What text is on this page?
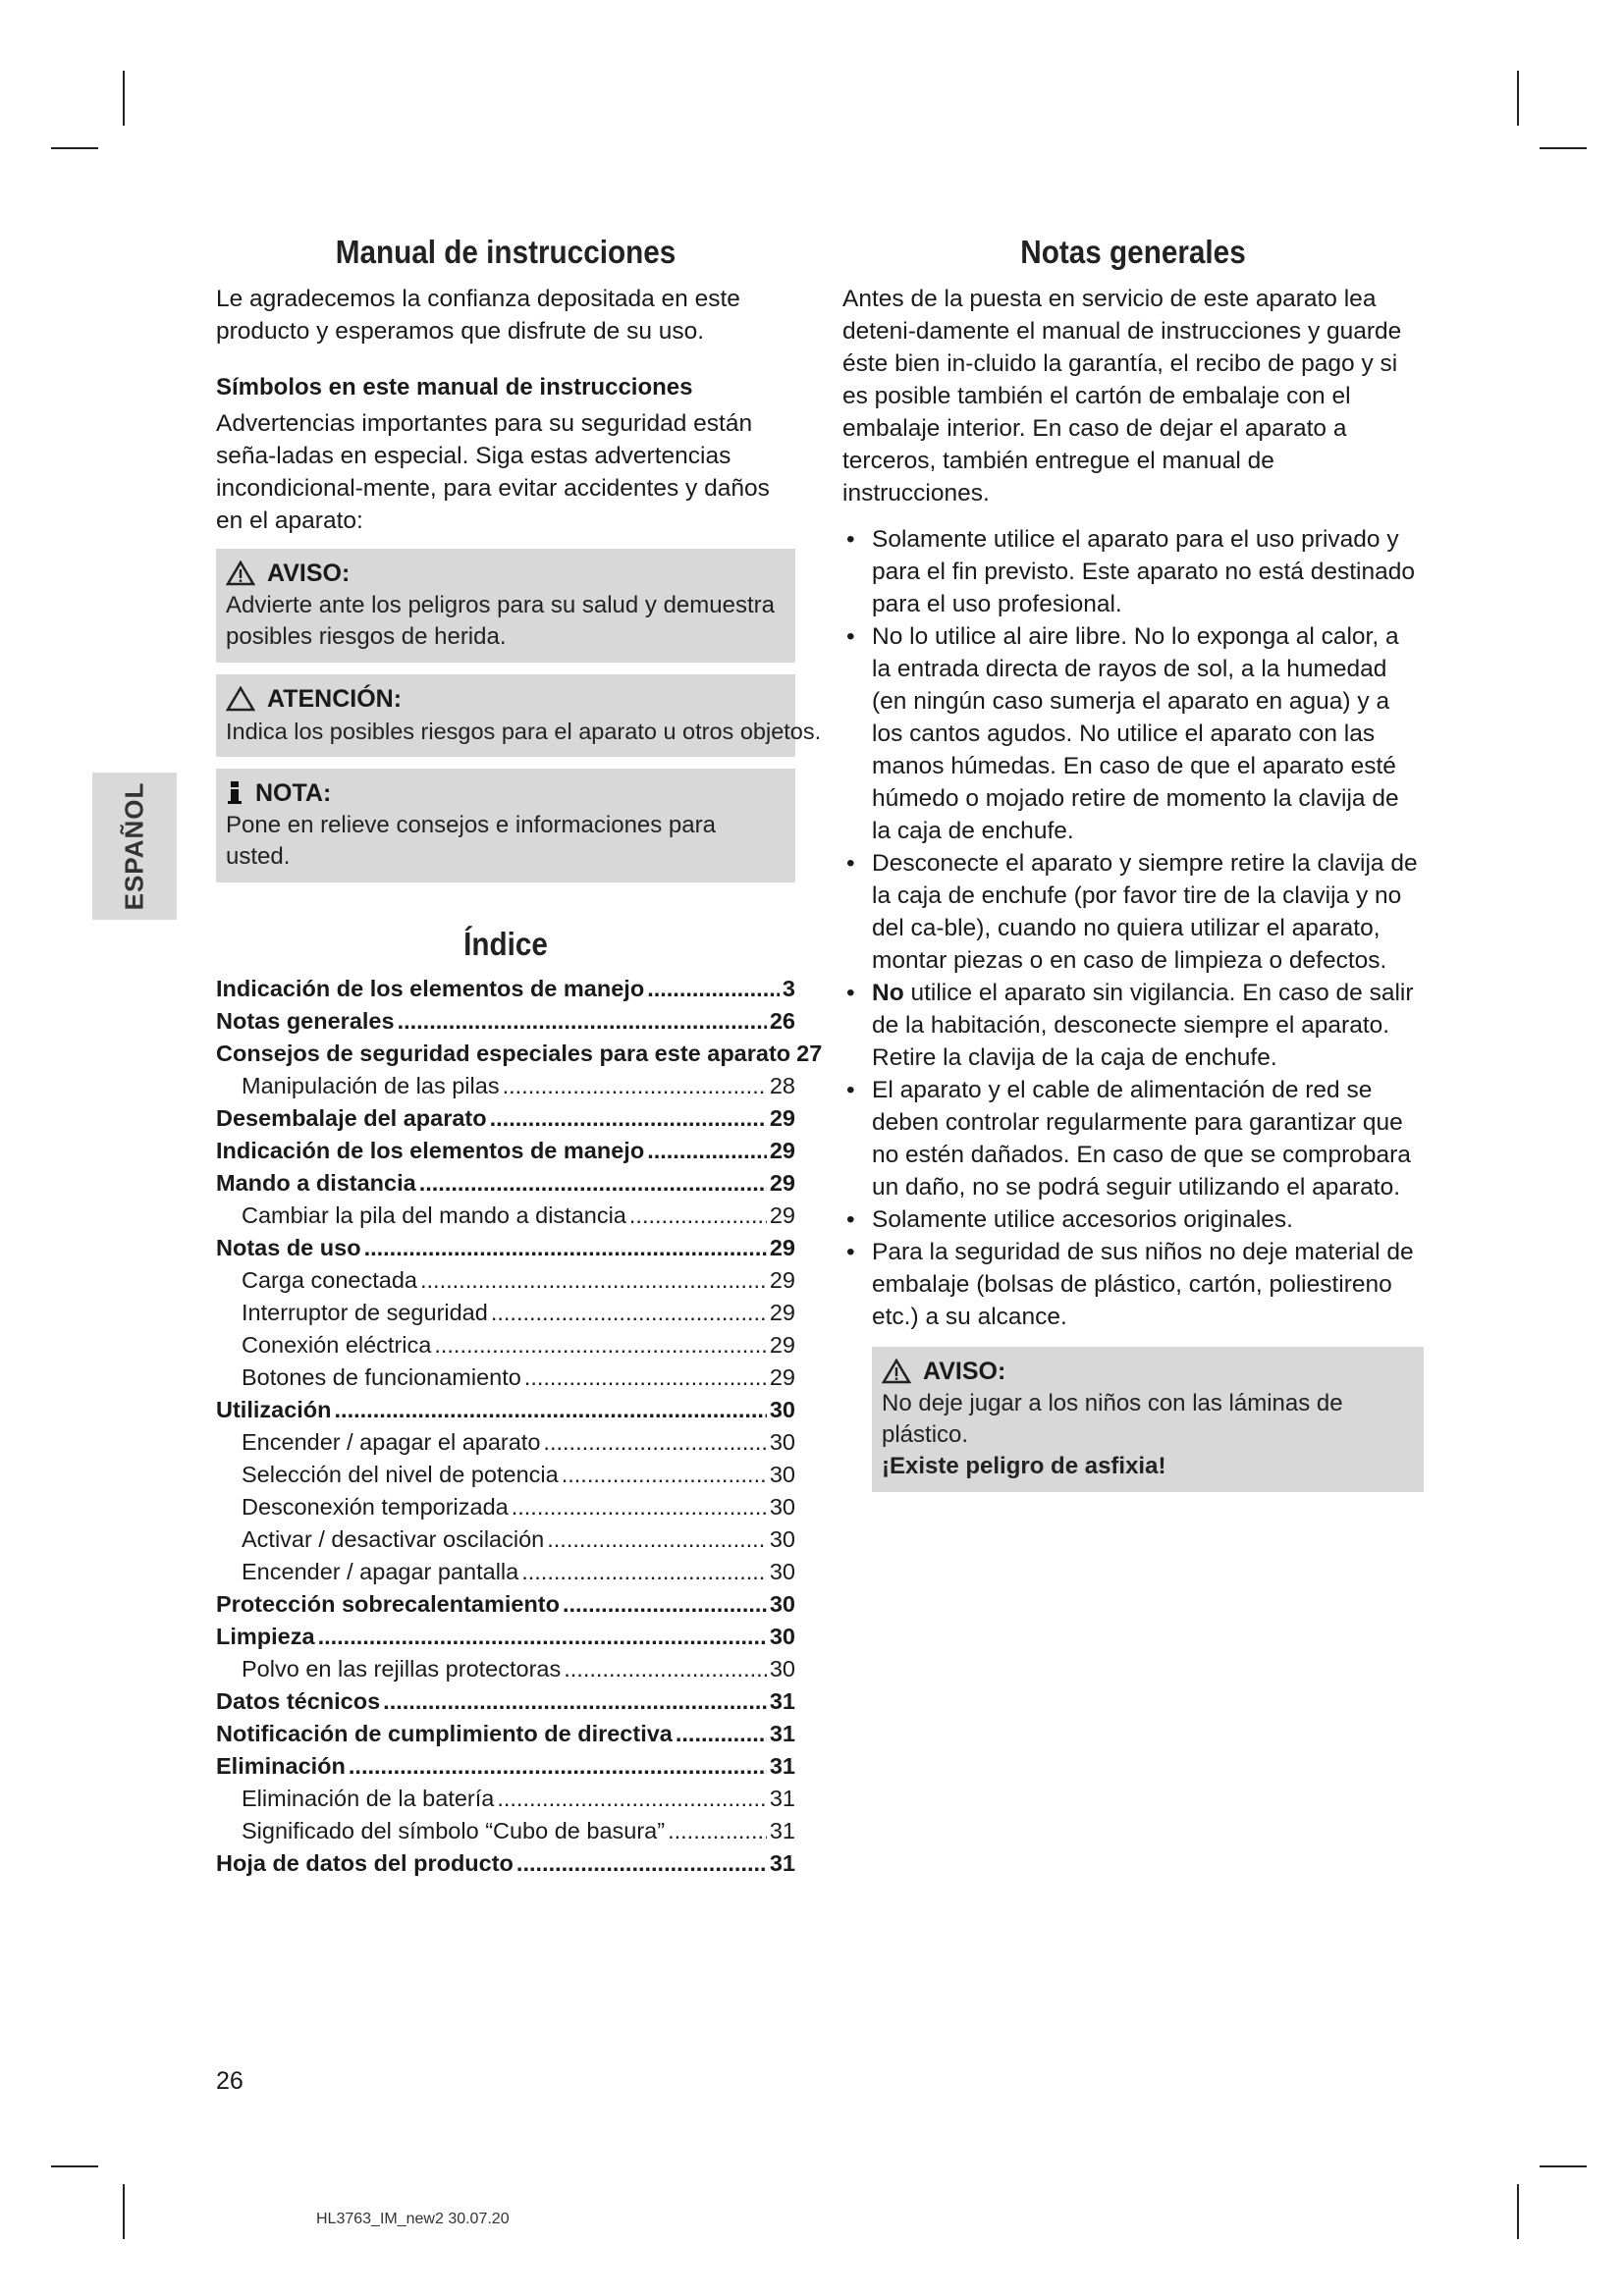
ESPAÑOL
Manual de instrucciones

Le agradecemos la confianza depositada en este producto y esperamos que disfrute de su uso.

Símbolos en este manual de instrucciones

Advertencias importantes para su seguridad están seña-ladas en especial. Siga estas advertencias incondicional-mente, para evitar accidentes y daños en el aparato:

AVISO:

Advierte ante los peligros para su salud y demuestra posibles riesgos de herida.

ATENCIÓN:

Indica los posibles riesgos para el aparato u otros objetos.

NOTA:

Pone en relieve consejos e informaciones para usted.

Índice
Indicación de los elementos de manejo .....	3
Notas generales .....	26
Consejos de seguridad especiales para este aparato 27
Manipulación de las pilas .....	28
Desembalaje del aparato .....	29
Indicación de los elementos de manejo .....	29
Mando a distancia .....	29
Cambiar la pila del mando a distancia .....	29
Notas de uso .....	29
Carga conectada .....	29
Interruptor de seguridad .....	29
Conexión eléctrica .....	29
Botones de funcionamiento .....	29
Utilización .....	30
Encender / apagar el aparato .....	30
Selección del nivel de potencia .....	30
Desconexión temporizada .....	30
Activar / desactivar oscilación .....	30
Encender / apagar pantalla .....	30
Protección sobrecalentamiento .....	30
Limpieza .....	30
Polvo en las rejillas protectoras .....	30
Datos técnicos .....	31
Notificación de cumplimiento de directiva .....	31
Eliminación .....	31
Eliminación de la batería .....	31
Significado del símbolo “Cubo de basura” .....	31
Hoja de datos del producto .....	31
Notas generales

Antes de la puesta en servicio de este aparato lea deteni-damente el manual de instrucciones y guarde éste bien in-cluido la garantía, el recibo de pago y si es posible también el cartón de embalaje con el embalaje interior. En caso de dejar el aparato a terceros, también entregue el manual de instrucciones.

• Solamente utilice el aparato para el uso privado y para el fin previsto. Este aparato no está destinado para el uso profesional.
• No lo utilice al aire libre. No lo exponga al calor, a la entrada directa de rayos de sol, a la humedad (en ningún caso sumerja el aparato en agua) y a los cantos agudos. No utilice el aparato con las manos húmedas. En caso de que el aparato esté húmedo o mojado retire de momento la clavija de la caja de enchufe.
• Desconecte el aparato y siempre retire la clavija de la caja de enchufe (por favor tire de la clavija y no del ca-ble), cuando no quiera utilizar el aparato, montar piezas o en caso de limpieza o defectos.
• No utilice el aparato sin vigilancia. En caso de salir de la habitación, desconecte siempre el aparato. Retire la clavija de la caja de enchufe.
• El aparato y el cable de alimentación de red se deben controlar regularmente para garantizar que no estén dañados. En caso de que se comprobara un daño, no se podrá seguir utilizando el aparato.
• Solamente utilice accesorios originales.
• Para la seguridad de sus niños no deje material de embalaje (bolsas de plástico, cartón, poliestireno etc.) a su alcance.
AVISO:

No deje jugar a los niños con las láminas de plástico.

¡Existe peligro de asfixia!

26
HL3763_IM_new2 30.07.20
